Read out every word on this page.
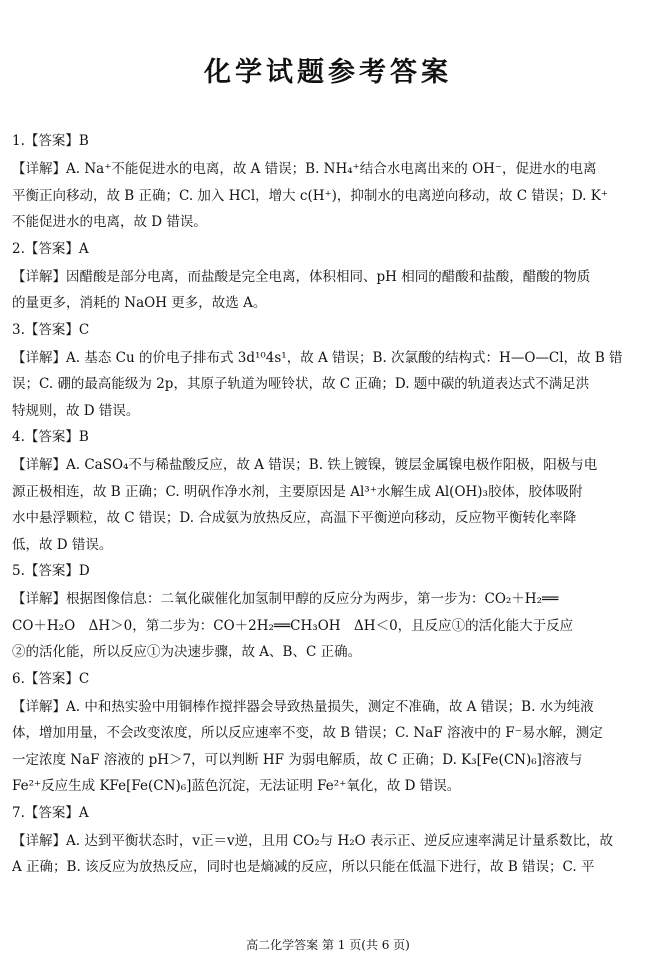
化学试题参考答案
1.【答案】B
【详解】A. Na⁺不能促进水的电离，故 A 错误；B. NH₄⁺结合水电离出来的 OH⁻，促进水的电离
平衡正向移动，故 B 正确；C. 加入 HCl，增大 c(H⁺)，抑制水的电离逆向移动，故 C 错误；D. K⁺
不能促进水的电离，故 D 错误。
2.【答案】A
【详解】因醋酸是部分电离，而盐酸是完全电离，体积相同、pH 相同的醋酸和盐酸，醋酸的物质
的量更多，消耗的 NaOH 更多，故选 A。
3.【答案】C
【详解】A. 基态 Cu 的价电子排布式 3d¹⁰4s¹，故 A 错误；B. 次氯酸的结构式：H—O—Cl，故 B 错
误；C. 硼的最高能级为 2p，其原子轨道为哑铃状，故 C 正确；D. 题中碳的轨道表达式不满足洪
特规则，故 D 错误。
4.【答案】B
【详解】A. CaSO₄不与稀盐酸反应，故 A 错误；B. 铁上镀镍，镀层金属镍电极作阳极，阳极与电
源正极相连，故 B 正确；C. 明矾作净水剂，主要原因是 Al³⁺水解生成 Al(OH)₃胶体，胶体吸附
水中悬浮颗粒，故 C 错误；D. 合成氨为放热反应，高温下平衡逆向移动，反应物平衡转化率降
低，故 D 错误。
5.【答案】D
【详解】根据图像信息：二氧化碳催化加氢制甲醇的反应分为两步，第一步为：CO₂＋H₂══
CO＋H₂O　ΔH＞0，第二步为：CO＋2H₂══CH₃OH　ΔH＜0，且反应①的活化能大于反应
②的活化能，所以反应①为决速步骤，故 A、B、C 正确。
6.【答案】C
【详解】A. 中和热实验中用铜棒作搅拌器会导致热量损失，测定不准确，故 A 错误；B. 水为纯液
体，增加用量，不会改变浓度，所以反应速率不变，故 B 错误；C. NaF 溶液中的 F⁻易水解，测定
一定浓度 NaF 溶液的 pH＞7，可以判断 HF 为弱电解质，故 C 正确；D. K₃[Fe(CN)₆]溶液与
Fe²⁺反应生成 KFe[Fe(CN)₆]蓝色沉淀，无法证明 Fe²⁺氧化，故 D 错误。
7.【答案】A
【详解】A. 达到平衡状态时，v正＝v逆，且用 CO₂与 H₂O 表示正、逆反应速率满足计量系数比，故
A 正确；B. 该反应为放热反应，同时也是熵减的反应，所以只能在低温下进行，故 B 错误；C. 平
高二化学答案 第 1 页(共 6 页)
